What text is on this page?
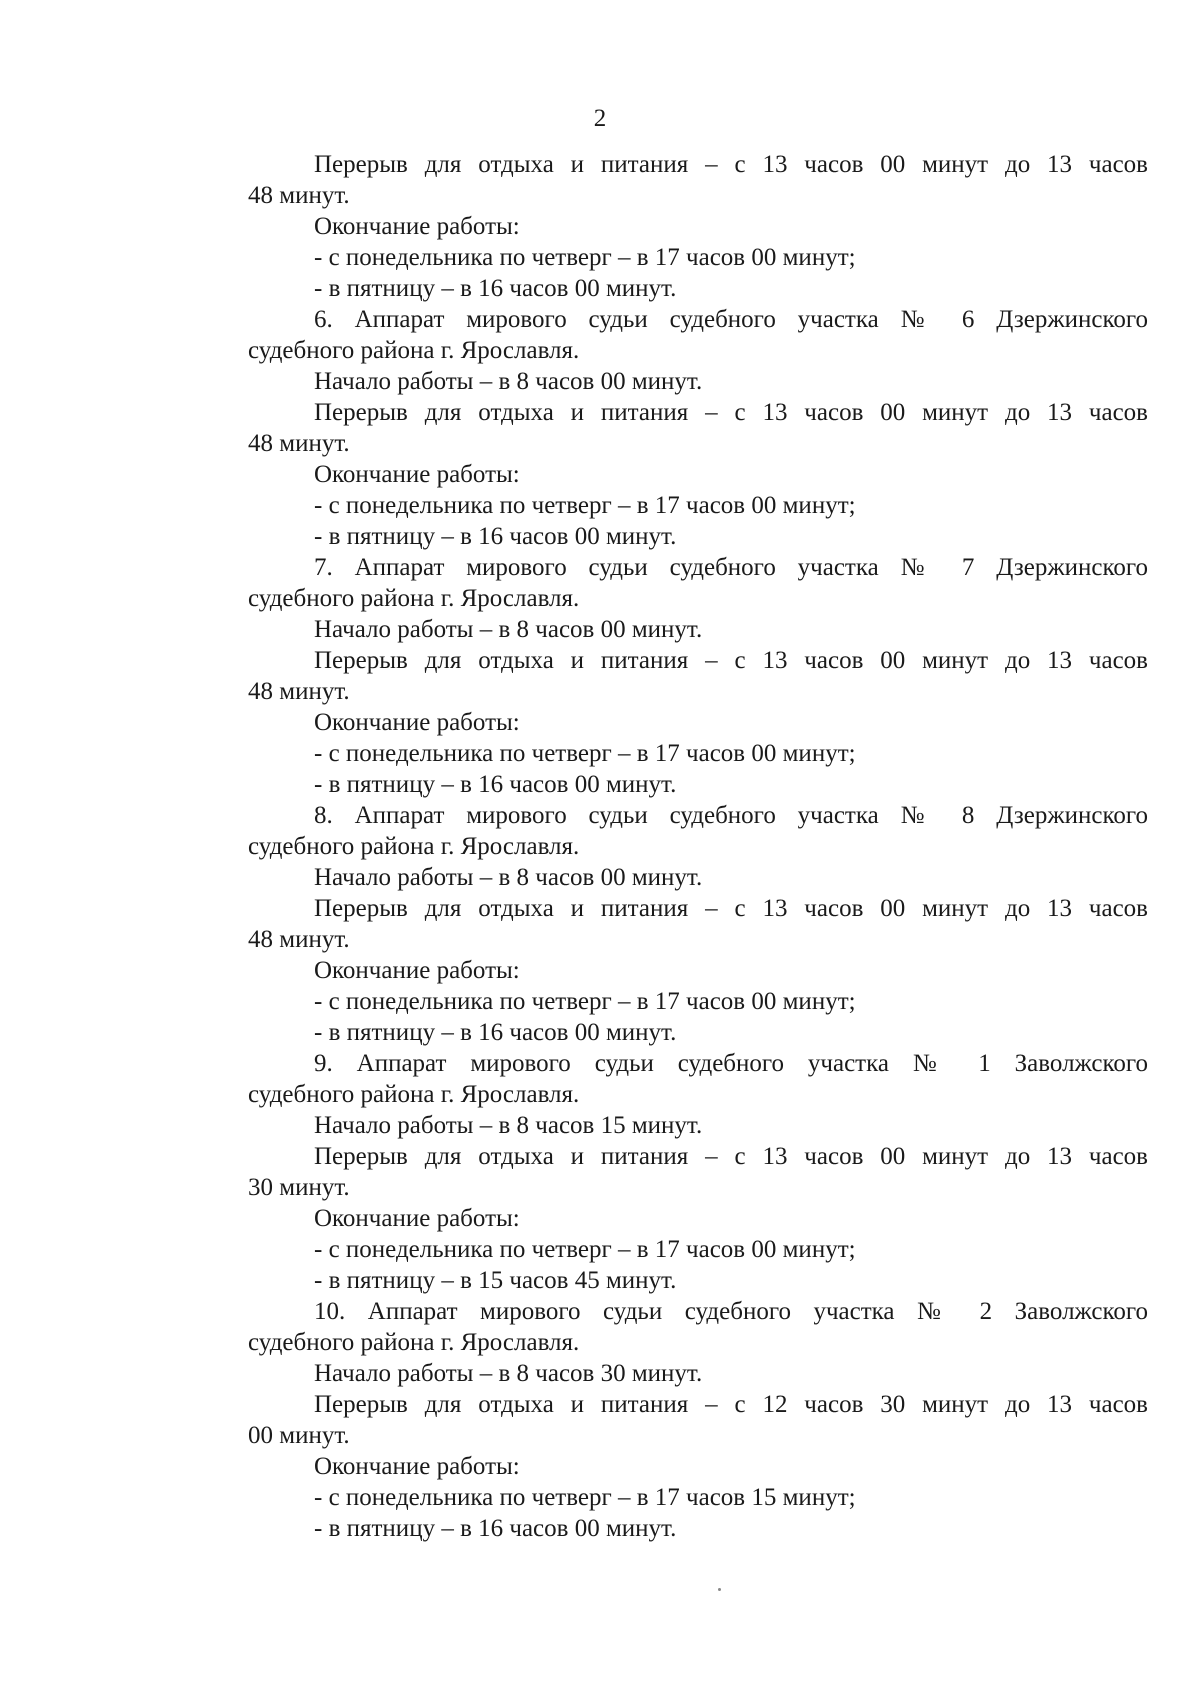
2
Перерыв для отдыха и питания – с 13 часов 00 минут до 13 часов
48 минут.
Окончание работы:
- с понедельника по четверг – в 17 часов 00 минут;
- в пятницу – в 16 часов 00 минут.
6. Аппарат мирового судьи судебного участка № 6 Дзержинского
судебного района г. Ярославля.
Начало работы – в 8 часов 00 минут.
Перерыв для отдыха и питания – с 13 часов 00 минут до 13 часов
48 минут.
Окончание работы:
- с понедельника по четверг – в 17 часов 00 минут;
- в пятницу – в 16 часов 00 минут.
7. Аппарат мирового судьи судебного участка № 7 Дзержинского
судебного района г. Ярославля.
Начало работы – в 8 часов 00 минут.
Перерыв для отдыха и питания – с 13 часов 00 минут до 13 часов
48 минут.
Окончание работы:
- с понедельника по четверг – в 17 часов 00 минут;
- в пятницу – в 16 часов 00 минут.
8. Аппарат мирового судьи судебного участка № 8 Дзержинского
судебного района г. Ярославля.
Начало работы – в 8 часов 00 минут.
Перерыв для отдыха и питания – с 13 часов 00 минут до 13 часов
48 минут.
Окончание работы:
- с понедельника по четверг – в 17 часов 00 минут;
- в пятницу – в 16 часов 00 минут.
9. Аппарат мирового судьи судебного участка № 1 Заволжского
судебного района г. Ярославля.
Начало работы – в 8 часов 15 минут.
Перерыв для отдыха и питания – с 13 часов 00 минут до 13 часов
30 минут.
Окончание работы:
- с понедельника по четверг – в 17 часов 00 минут;
- в пятницу – в 15 часов 45 минут.
10. Аппарат мирового судьи судебного участка № 2 Заволжского
судебного района г. Ярославля.
Начало работы – в 8 часов 30 минут.
Перерыв для отдыха и питания – с 12 часов 30 минут до 13 часов
00 минут.
Окончание работы:
- с понедельника по четверг – в 17 часов 15 минут;
- в пятницу – в 16 часов 00 минут.
